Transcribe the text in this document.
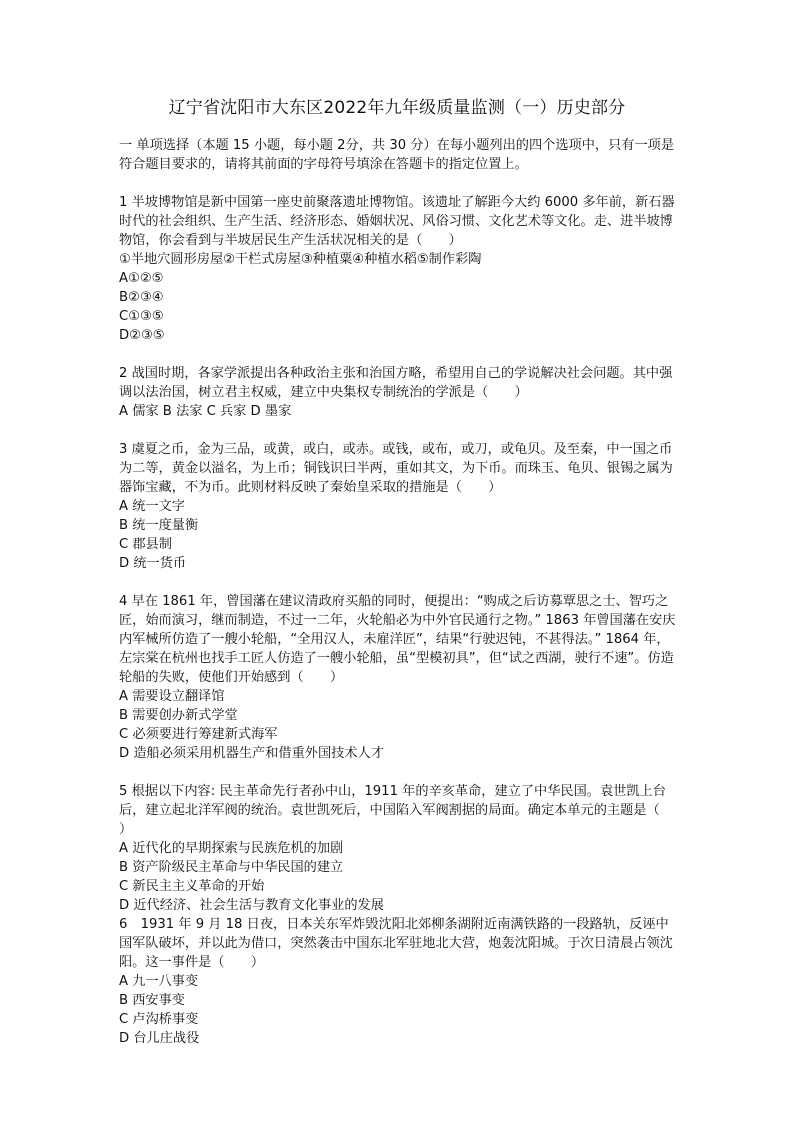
辽宁省沈阳市大东区2022年九年级质量监测（一）历史部分

一 单项选择（本题 15 小题，每小题 2分，共 30 分）在每小题列出的四个选项中，只有一项是符合题目要求的，请将其前面的字母符号填涂在答题卡的指定位置上。

1 半坡博物馆是新中国第一座史前聚落遗址博物馆。该遗址了解距今大约 6000 多年前，新石器时代的社会组织、生产生活、经济形态、婚姻状况、风俗习惯、文化艺术等文化。走、进半坡博物馆，你会看到与半坡居民生产生活状况相关的是（　　）
①半地穴圆形房屋②干栏式房屋③种植粟④种植水稻⑤制作彩陶
A①②⑤
B②③④
C①③⑤
D②③⑤
2 战国时期，各家学派提出各种政治主张和治国方略，希望用自己的学说解决社会问题。其中强调以法治国，树立君主权威，建立中央集权专制统治的学派是（　　）
A 儒家 B 法家 C 兵家 D 墨家
3 虞夏之币，金为三品，或黄，或白，或赤。或钱，或布，或刀，或龟贝。及至秦，中一国之币为二等，黄金以溢名，为上币；铜钱识曰半两，重如其文，为下币。而珠玉、龟贝、银锡之属为器饰宝藏，不为币。此则材料反映了秦始皇采取的措施是（　　）
A 统一文字
B 统一度量衡
C 郡县制
D 统一货币
4 早在 1861 年，曾国藩在建议清政府买船的同时，便提出：“购成之后访募覃思之士、智巧之匠，始而演习，继而制造，不过一二年，火轮船必为中外官民通行之物。” 1863 年曾国藩在安庆内军械所仿造了一艘小轮船，“全用汉人，未雇洋匠”，结果“行驶迟钝，不甚得法。” 1864 年，左宗棠在杭州也找手工匠人仿造了一艘小轮船，虽“型模初具”，但“试之西湖，驶行不速”。仿造轮船的失败，使他们开始感到（　　）
A 需要设立翻译馆
B 需要创办新式学堂
C 必须要进行筹建新式海军
D 造船必须采用机器生产和借重外国技术人才
5 根据以下内容: 民主革命先行者孙中山，1911 年的辛亥革命，建立了中华民国。袁世凯上台后，建立起北洋军阀的统治。袁世凯死后，中国陷入军阀割据的局面。确定本单元的主题是（　　）
A 近代化的早期探索与民族危机的加剧
B 资产阶级民主革命与中华民国的建立
C 新民主主义革命的开始
D 近代经济、社会生活与教育文化事业的发展
6　1931 年 9 月 18 日夜，日本关东军炸毁沈阳北郊柳条湖附近南满铁路的一段路轨，反诬中国军队破坏，并以此为借口，突然袭击中国东北军驻地北大营，炮轰沈阳城。于次日清晨占领沈阳。这一事件是（　　）
A 九一八事变
B 西安事变
C 卢沟桥事变
D 台儿庄战役
